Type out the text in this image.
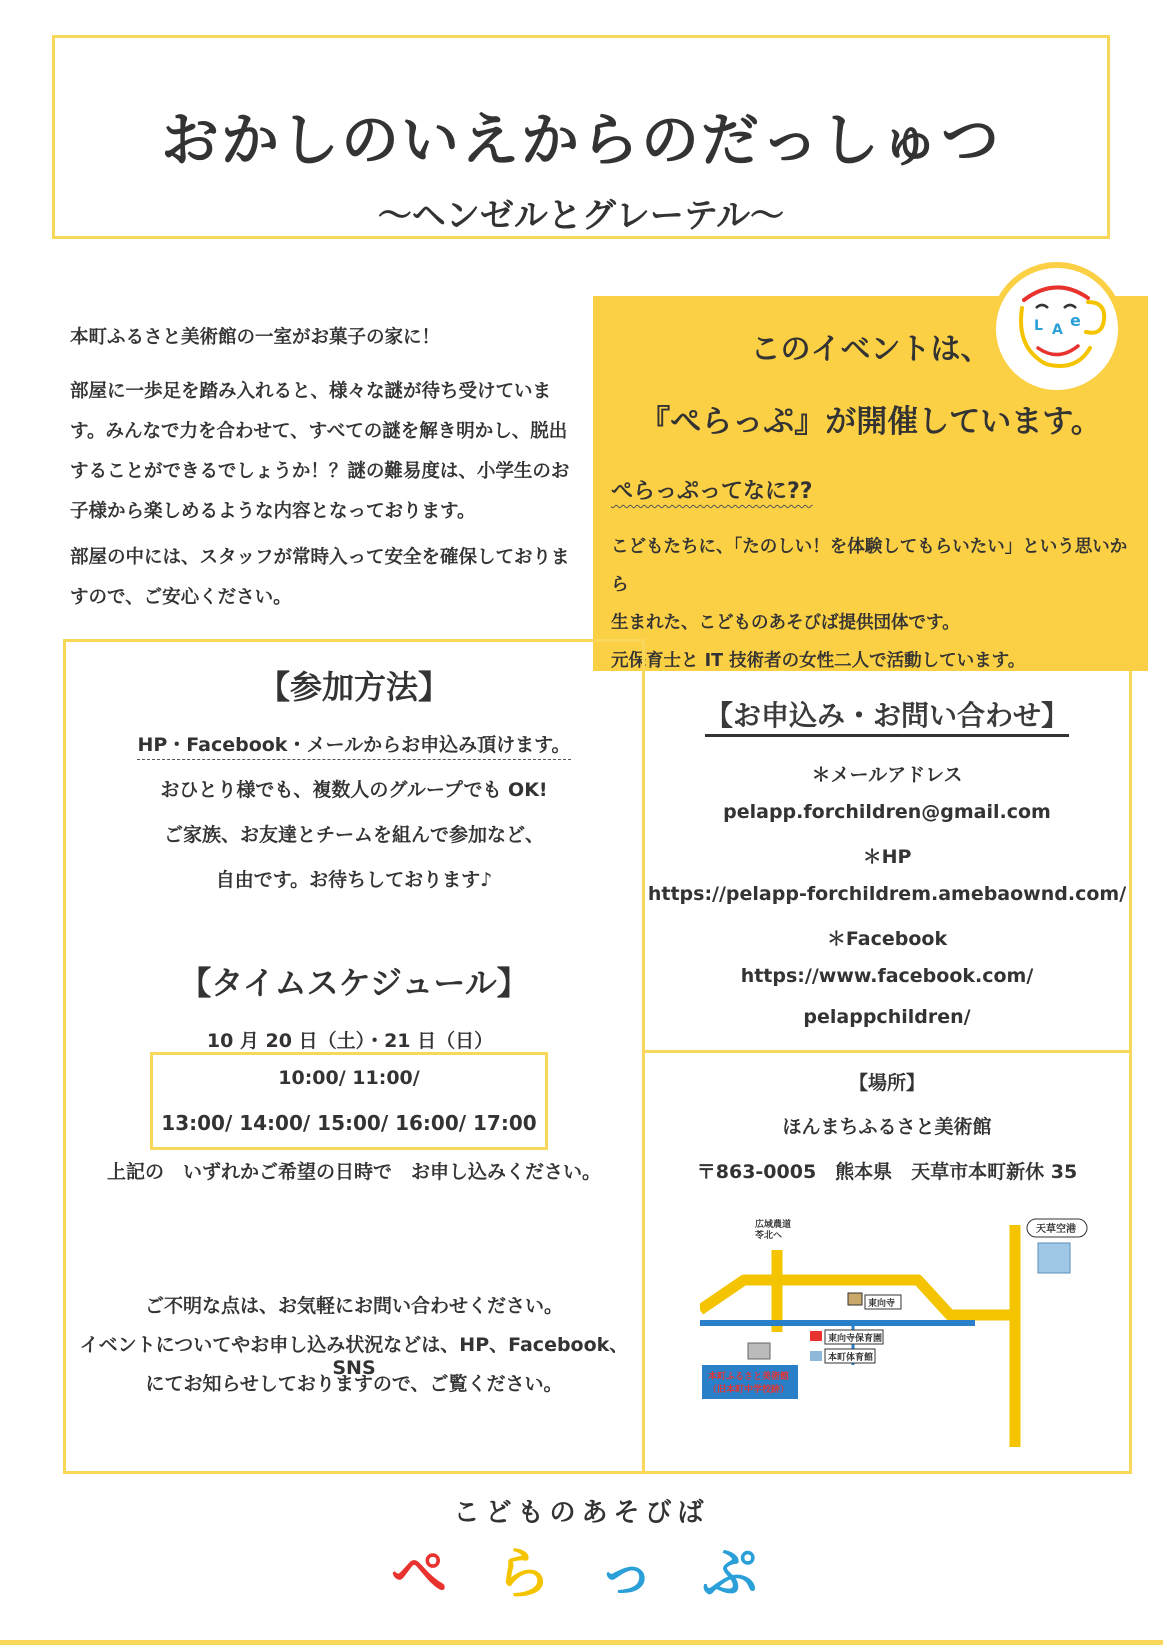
おかしのいえからのだっしゅつ
〜ヘンゼルとグレーテル〜

本町ふるさと美術館の一室がお菓子の家に！

部屋に一歩足を踏み入れると、様々な謎が待ち受けています。みんなで力を合わせて、すべての謎を解き明かし、脱出することができるでしょうか！？謎の難易度は、小学生のお子様から楽しめるような内容となっております。

部屋の中には、スタッフが常時入って安全を確保しておりますので、ご安心ください。

このイベントは、
『ぺらっぷ』が開催しています。
ぺらっぷってなに??
こどもたちに、「たのしい！を体験してもらいたい」という思いから
生まれた、こどものあそびば提供団体です。
元保育士と IT 技術者の女性二人で活動しています。
L A e
【参加方法】
HP・Facebook・メールからお申込み頂けます。
おひとり様でも、複数人のグループでも OK!
ご家族、お友達とチームを組んで参加など、
自由です。お待ちしております♪
【タイムスケジュール】
10 月 20 日（土）・21 日（日）
10:00/ 11:00/
13:00/ 14:00/ 15:00/ 16:00/ 17:00
上記の　いずれかご希望の日時で　お申し込みください。
ご不明な点は、お気軽にお問い合わせください。
イベントについてやお申し込み状況などは、HP、Facebook、SNS
にてお知らせしておりますので、ご覧ください。
【お申込み・お問い合わせ】
＊メールアドレス
pelapp.forchildren@gmail.com
＊HP
https://pelapp-forchildrem.amebaownd.com/
＊Facebook
https://www.facebook.com/
pelappchildren/
【場所】
ほんまちふるさと美術館
〒863-0005　熊本県　天草市本町新休 35
広域農道
苓北へ
天草空港
東向寺
東向寺保育園
本町体育館
本町ふるさと美術館
（旧本町中学校跡）
こどものあそびば
ぺ ら っ ぷ
